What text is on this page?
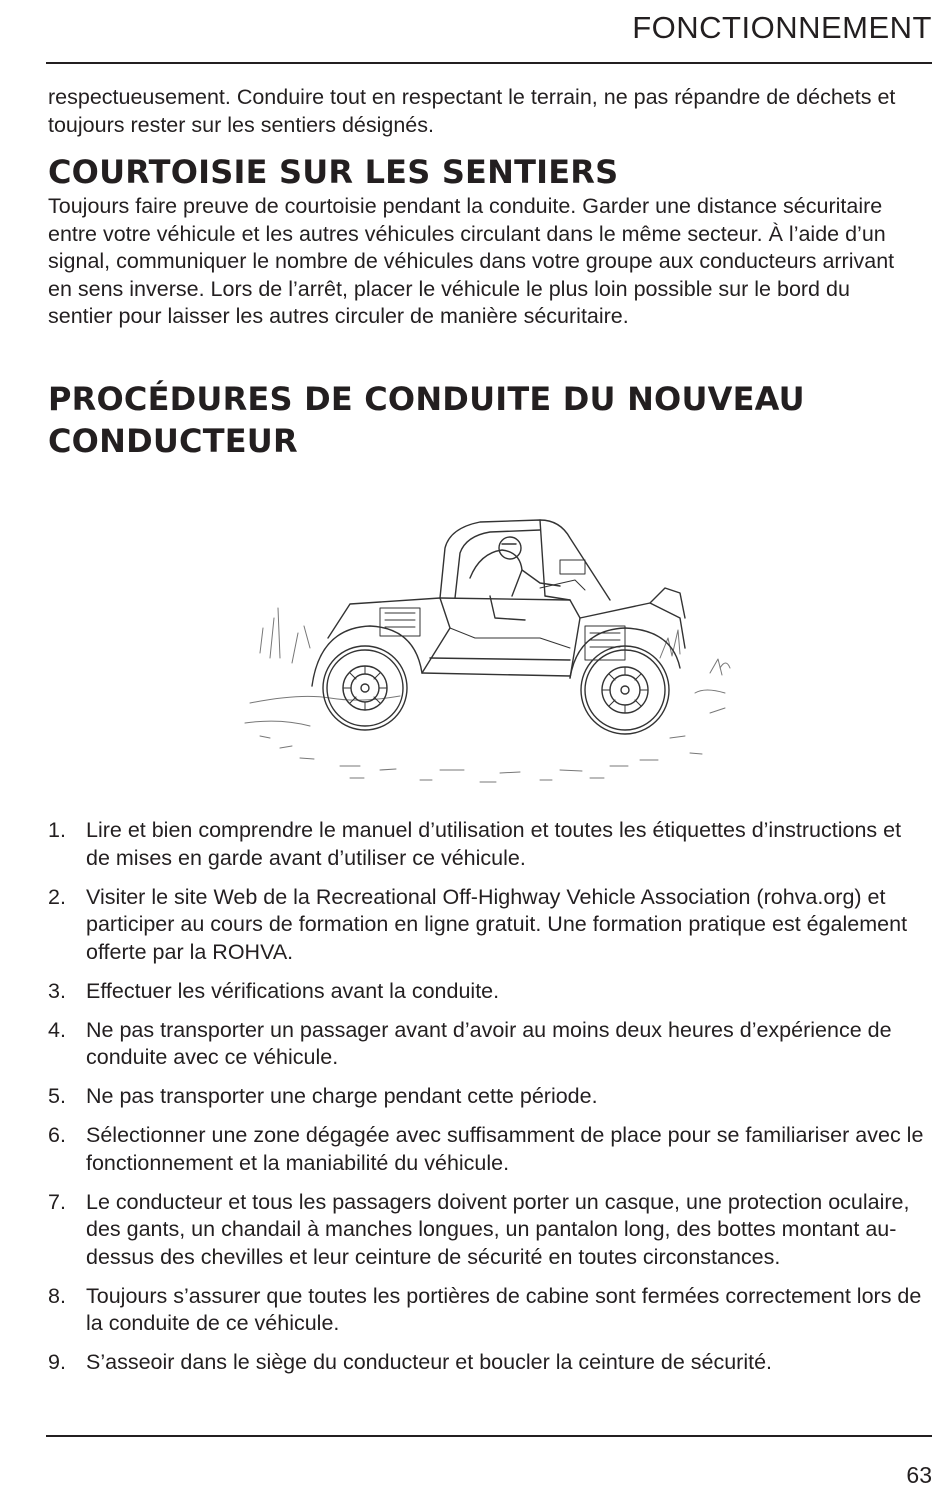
FONCTIONNEMENT

respectueusement. Conduire tout en respectant le terrain, ne pas répandre de déchets et toujours rester sur les sentiers désignés.

COURTOISIE SUR LES SENTIERS

Toujours faire preuve de courtoisie pendant la conduite. Garder une distance sécuritaire entre votre véhicule et les autres véhicules circulant dans le même secteur. À l’aide d’un signal, communiquer le nombre de véhicules dans votre groupe aux conducteurs arrivant en sens inverse. Lors de l’arrêt, placer le véhicule le plus loin possible sur le bord du sentier pour laisser les autres circuler de manière sécuritaire.

PROCÉDURES DE CONDUITE DU NOUVEAU CONDUCTEUR
1. Lire et bien comprendre le manuel d’utilisation et toutes les étiquettes d’instructions et de mises en garde avant d’utiliser ce véhicule.
2. Visiter le site Web de la Recreational Off-Highway Vehicle Association (rohva.org) et participer au cours de formation en ligne gratuit. Une formation pratique est également offerte par la ROHVA.
3. Effectuer les vérifications avant la conduite.
4. Ne pas transporter un passager avant d’avoir au moins deux heures d’expérience de conduite avec ce véhicule.
5. Ne pas transporter une charge pendant cette période.
6. Sélectionner une zone dégagée avec suffisamment de place pour se familiariser avec le fonctionnement et la maniabilité du véhicule.
7. Le conducteur et tous les passagers doivent porter un casque, une protection oculaire, des gants, un chandail à manches longues, un pantalon long, des bottes montant au-dessus des chevilles et leur ceinture de sécurité en toutes circonstances.
8. Toujours s’assurer que toutes les portières de cabine sont fermées correctement lors de la conduite de ce véhicule.
9. S’asseoir dans le siège du conducteur et boucler la ceinture de sécurité.
63
